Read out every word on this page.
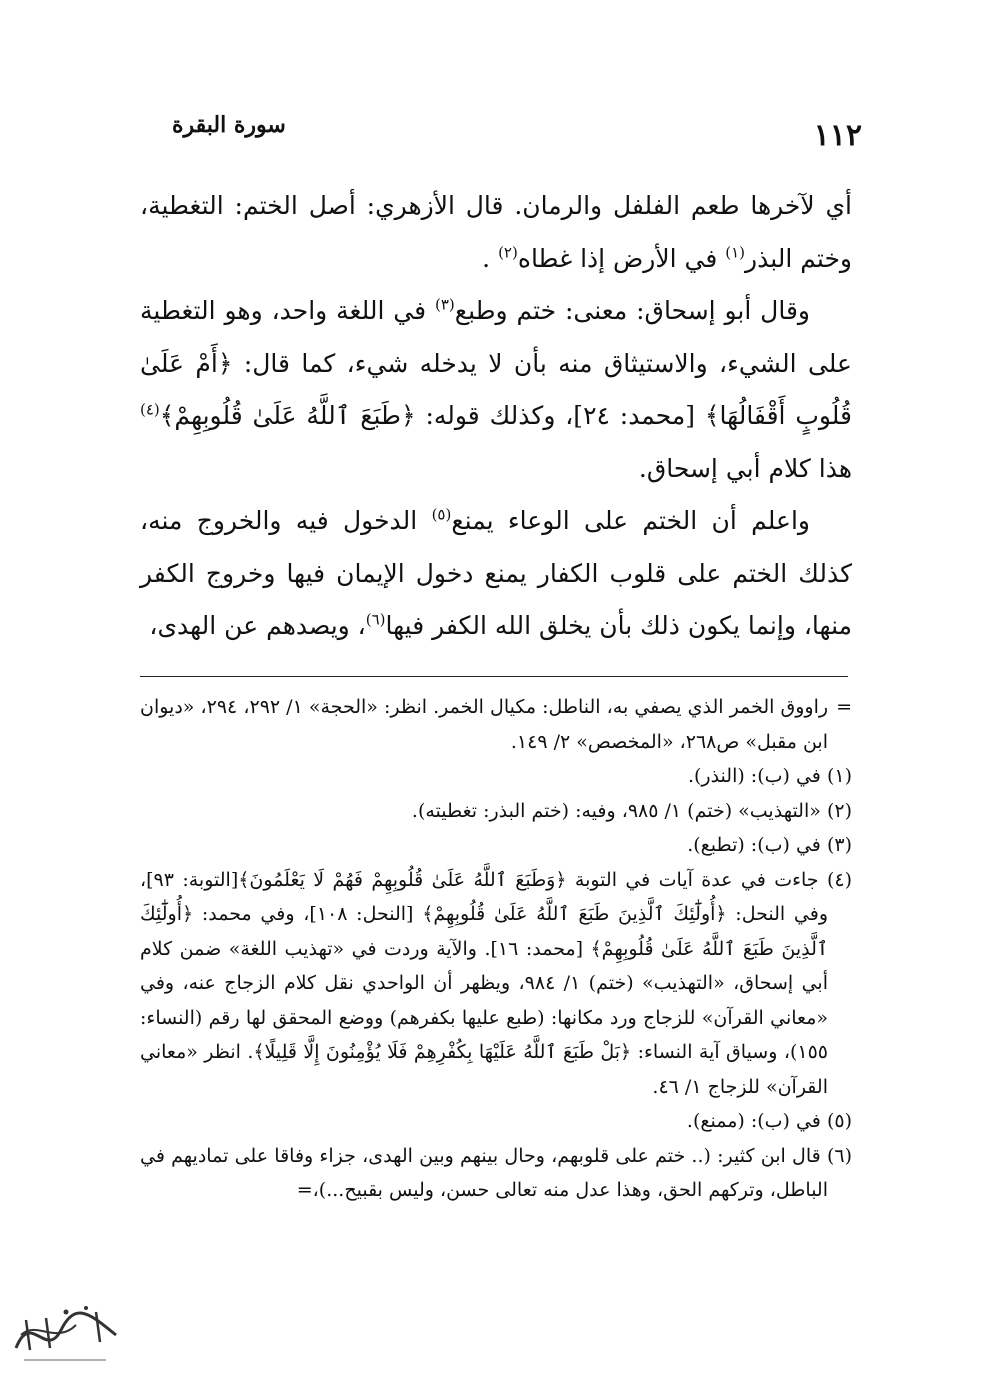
١١٢
سورة البقرة

أي لآخرها طعم الفلفل والرمان. قال الأزهري: أصل الختم: التغطية، وختم البذر$^{(١)}$ في الأرض إذا غطاه$^{(٢)}$ .

وقال أبو إسحاق: معنى: ختم وطبع$^{(٣)}$ في اللغة واحد، وهو التغطية على الشيء، والاستيثاق منه بأن لا يدخله شيء، كما قال: ﴿أَمْ عَلَىٰ قُلُوبٍ أَقْفَالُهَا﴾ [محمد: ٢٤]، وكذلك قوله: ﴿طَبَعَ ٱللَّهُ عَلَىٰ قُلُوبِهِمْ﴾$^{(٤)}$ هذا كلام أبي إسحاق.

واعلم أن الختم على الوعاء يمنع$^{(٥)}$ الدخول فيه والخروج منه، كذلك الختم على قلوب الكفار يمنع دخول الإيمان فيها وخروج الكفر منها، وإنما يكون ذلك بأن يخلق الله الكفر فيها$^{(٦)}$، ويصدهم عن الهدى،

=راووق الخمر الذي يصفي به، الناطل: مكيال الخمر. انظر: «الحجة» ١/ ٢٩٢، ٢٩٤، «ديوان ابن مقبل» ص٢٦٨، «المخصص» ٢/ ١٤٩.

(١) في (ب): (النذر).

(٢) «التهذيب» (ختم) ١/ ٩٨٥، وفيه: (ختم البذر: تغطيته).

(٣) في (ب): (تطبع).

(٤) جاءت في عدة آيات في التوبة ﴿وَطَبَعَ ٱللَّهُ عَلَىٰ قُلُوبِهِمْ فَهُمْ لَا يَعْلَمُونَ﴾[التوبة: ٩٣]، وفي النحل: ﴿أُولَٰٓئِكَ ٱلَّذِينَ طَبَعَ ٱللَّهُ عَلَىٰ قُلُوبِهِمْ﴾ [النحل: ١٠٨]، وفي محمد: ﴿أُولَٰٓئِكَ ٱلَّذِينَ طَبَعَ ٱللَّهُ عَلَىٰ قُلُوبِهِمْ﴾ [محمد: ١٦]. والآية وردت في «تهذيب اللغة» ضمن كلام أبي إسحاق، «التهذيب» (ختم) ١/ ٩٨٤، ويظهر أن الواحدي نقل كلام الزجاج عنه، وفي «معاني القرآن» للزجاج ورد مكانها: (طبع عليها بكفرهم) ووضع المحقق لها رقم (النساء: ١٥٥)، وسياق آية النساء: ﴿بَلْ طَبَعَ ٱللَّهُ عَلَيْهَا بِكُفْرِهِمْ فَلَا يُؤْمِنُونَ إِلَّا قَلِيلًا﴾. انظر «معاني القرآن» للزجاج ١/ ٤٦.

(٥) في (ب): (ممنع).

(٦) قال ابن كثير: (.. ختم على قلوبهم، وحال بينهم وبين الهدى، جزاء وفاقا على تماديهم في الباطل، وتركهم الحق، وهذا عدل منه تعالى حسن، وليس بقبيح...)،=
